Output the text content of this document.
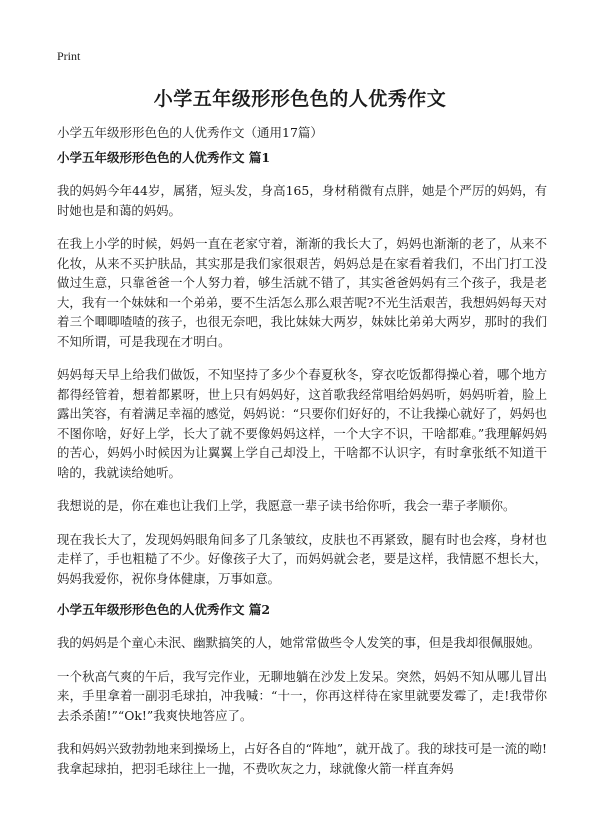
Print
小学五年级形形色色的人优秀作文

小学五年级形形色色的人优秀作文（通用17篇）

小学五年级形形色色的人优秀作文 篇1

我的妈妈今年44岁，属猪，短头发，身高165，身材稍微有点胖，她是个严厉的妈妈，有时她也是和蔼的妈妈。

在我上小学的时候，妈妈一直在老家守着，渐渐的我长大了，妈妈也渐渐的老了，从来不化妆，从来不买护肤品，其实那是我们家很艰苦，妈妈总是在家看着我们，不出门打工没做过生意，只靠爸爸一个人努力着，够生活就不错了，其实爸爸妈妈有三个孩子，我是老大，我有一个妹妹和一个弟弟，要不生活怎么那么艰苦呢?不光生活艰苦，我想妈妈每天对着三个唧唧喳喳的孩子，也很无奈吧，我比妹妹大两岁，妹妹比弟弟大两岁，那时的我们不知所谓，可是我现在才明白。

妈妈每天早上给我们做饭，不知坚持了多少个春夏秋冬，穿衣吃饭都得操心着，哪个地方都得经管着，想着都累呀，世上只有妈妈好，这首歌我经常唱给妈妈听，妈妈听着，脸上露出笑容，有着满足幸福的感觉，妈妈说：“只要你们好好的，不让我操心就好了，妈妈也不图你啥，好好上学，长大了就不要像妈妈这样，一个大字不识，干啥都难。”我理解妈妈的苦心，妈妈小时候因为让翼翼上学自己却没上，干啥都不认识字，有时拿张纸不知道干啥的，我就读给她听。

我想说的是，你在难也让我们上学，我愿意一辈子读书给你听，我会一辈子孝顺你。

现在我长大了，发现妈妈眼角间多了几条皱纹，皮肤也不再紧致，腿有时也会疼，身材也走样了，手也粗糙了不少。好像孩子大了，而妈妈就会老，要是这样，我情愿不想长大，妈妈我爱你，祝你身体健康，万事如意。

小学五年级形形色色的人优秀作文 篇2

我的妈妈是个童心未泯、幽默搞笑的人，她常常做些令人发笑的事，但是我却很佩服她。

一个秋高气爽的午后，我写完作业，无聊地躺在沙发上发呆。突然，妈妈不知从哪儿冒出来，手里拿着一副羽毛球拍，冲我喊：“十一，你再这样待在家里就要发霉了，走!我带你去杀杀菌!”“Ok!”我爽快地答应了。

我和妈妈兴致勃勃地来到操场上，占好各自的“阵地”，就开战了。我的球技可是一流的呦!我拿起球拍，把羽毛球往上一抛，不费吹灰之力，球就像火箭一样直奔妈
